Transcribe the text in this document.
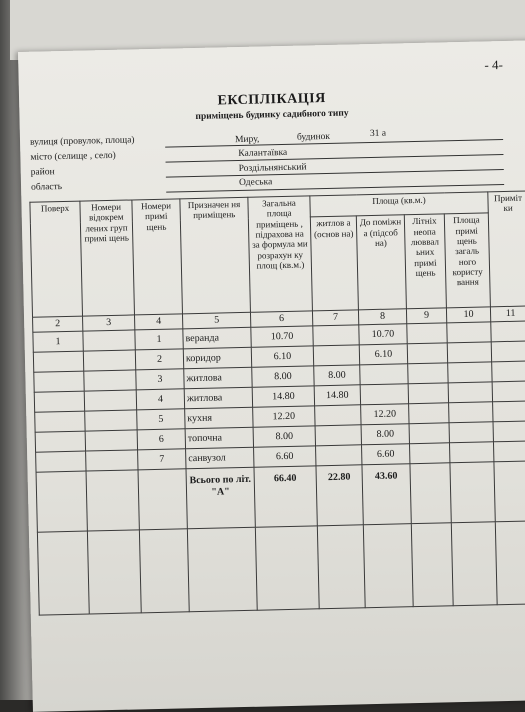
- 4-
ЕКСПЛІКАЦІЯ
приміщень будинку садибного типу
вулиця (провулок, площа)	Миру,	будинок	31 а
місто (селище , село)	Калантаївка
район	Роздільнянський
область	Одеська
Поверх	Номери відокрем лених груп примі щень	Номери примі щень	Призначен ня приміщень	Загальна площа приміщень , підрахова на за формула ми розрахун ку площ (кв.м.)	Площа (кв.м.)				Приміт ки
					житлов а (основ на)	До поміжн а (підсоб на)	Літніх неопа люввал ьних примі щень	Площа примі щень загаль ного користу вання	
2	3	4	5	6	7	8	9	10	11
1		1	веранда	10.70		10.70			
		2	коридор	6.10		6.10			
		3	житлова	8.00	8.00				
		4	житлова	14.80	14.80				
		5	кухня	12.20		12.20			
		6	топочна	8.00		8.00			
		7	санвузол	6.60		6.60			
			Всього по літ. "А"	66.40	22.80	43.60			
